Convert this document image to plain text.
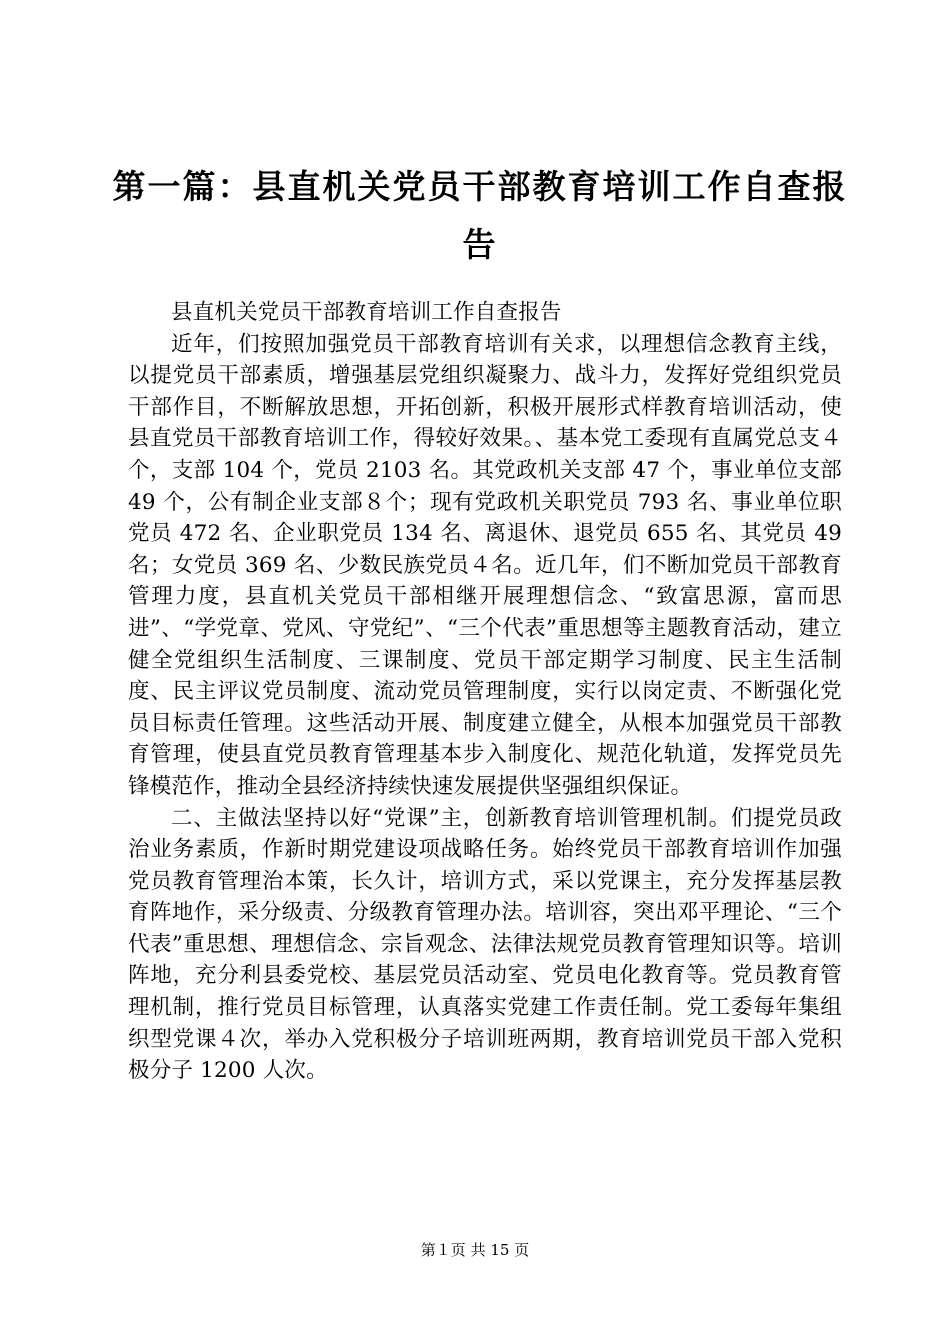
第一篇：县直机关党员干部教育培训工作自查报告

县直机关党员干部教育培训工作自查报告

近年，们按照加强党员干部教育培训有关求，以理想信念教育主线，以提党员干部素质，增强基层党组织凝聚力、战斗力，发挥好党组织党员干部作目，不断解放思想，开拓创新，积极开展形式样教育培训活动，使县直党员干部教育培训工作，得较好效果。、基本党工委现有直属党总支４个，支部 104 个，党员 2103 名。其党政机关支部 47 个，事业单位支部 49 个，公有制企业支部８个；现有党政机关职党员 793 名、事业单位职党员 472 名、企业职党员 134 名、离退休、退党员 655 名、其党员 49 名；女党员 369 名、少数民族党员４名。近几年，们不断加党员干部教育管理力度，县直机关党员干部相继开展理想信念、“致富思源，富而思进”、“学党章、党风、守党纪”、“三个代表”重思想等主题教育活动，建立健全党组织生活制度、三课制度、党员干部定期学习制度、民主生活制度、民主评议党员制度、流动党员管理制度，实行以岗定责、不断强化党员目标责任管理。这些活动开展、制度建立健全，从根本加强党员干部教育管理，使县直党员教育管理基本步入制度化、规范化轨道，发挥党员先锋模范作，推动全县经济持续快速发展提供坚强组织保证。

二、主做法坚持以好“党课”主，创新教育培训管理机制。们提党员政治业务素质，作新时期党建设项战略任务。始终党员干部教育培训作加强党员教育管理治本策，长久计，培训方式，采以党课主，充分发挥基层教育阵地作，采分级责、分级教育管理办法。培训容，突出邓平理论、“三个代表”重思想、理想信念、宗旨观念、法律法规党员教育管理知识等。培训阵地，充分利县委党校、基层党员活动室、党员电化教育等。党员教育管理机制，推行党员目标管理，认真落实党建工作责任制。党工委每年集组织型党课４次，举办入党积极分子培训班两期，教育培训党员干部入党积极分子 1200 人次。

第１页 共 15 页
